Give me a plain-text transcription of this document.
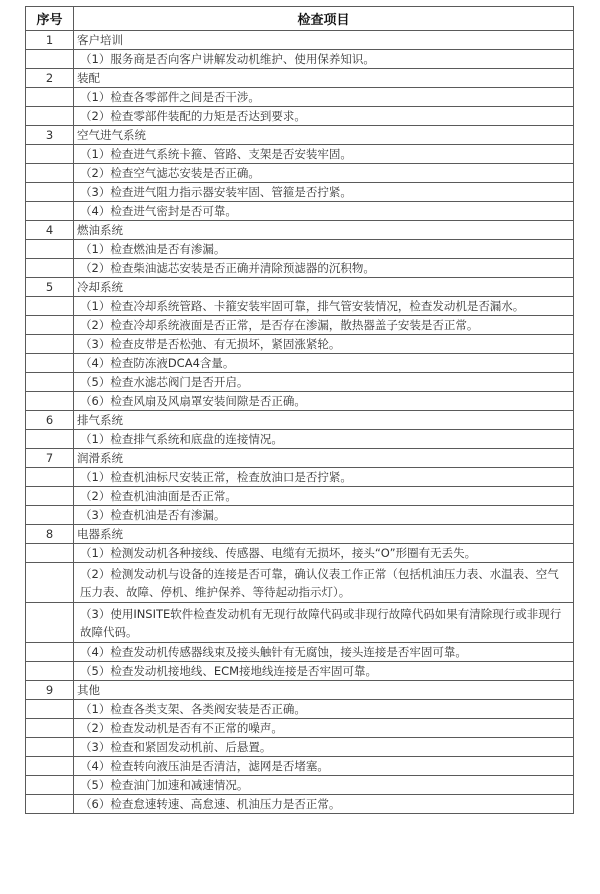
序号	检查项目
1	客户培训
	（1）服务商是否向客户讲解发动机维护、使用保养知识。
2	装配
	（1）检查各零部件之间是否干涉。
	（2）检查零部件装配的力矩是否达到要求。
3	空气进气系统
	（1）检查进气系统卡箍、管路、支架是否安装牢固。
	（2）检查空气滤芯安装是否正确。
	（3）检查进气阻力指示器安装牢固、管箍是否拧紧。
	（4）检查进气密封是否可靠。
4	燃油系统
	（1）检查燃油是否有渗漏。
	（2）检查柴油滤芯安装是否正确并清除预滤器的沉积物。
5	冷却系统
	（1）检查冷却系统管路、卡箍安装牢固可靠，排气管安装情况，检查发动机是否漏水。
	（2）检查冷却系统液面是否正常，是否存在渗漏，散热器盖子安装是否正常。
	（3）检查皮带是否松弛、有无损坏，紧固涨紧轮。
	（4）检查防冻液DCA4含量。
	（5）检查水滤芯阀门是否开启。
	（6）检查风扇及风扇罩安装间隙是否正确。
6	排气系统
	（1）检查排气系统和底盘的连接情况。
7	润滑系统
	（1）检查机油标尺安装正常，检查放油口是否拧紧。
	（2）检查机油油面是否正常。
	（3）检查机油是否有渗漏。
8	电器系统
	（1）检测发动机各种接线、传感器、电缆有无损坏，接头“O”形圈有无丢失。
	（2）检测发动机与设备的连接是否可靠，确认仪表工作正常（包括机油压力表、水温表、空气压力表、故障、停机、维护保养、等待起动指示灯）。
	（3）使用INSITE软件检查发动机有无现行故障代码或非现行故障代码如果有清除现行或非现行故障代码。
	（4）检查发动机传感器线束及接头触针有无腐蚀，接头连接是否牢固可靠。
	（5）检查发动机接地线、ECM接地线连接是否牢固可靠。
9	其他
	（1）检查各类支架、各类阀安装是否正确。
	（2）检查发动机是否有不正常的噪声。
	（3）检查和紧固发动机前、后悬置。
	（4）检查转向液压油是否清洁，滤网是否堵塞。
	（5）检查油门加速和减速情况。
	（6）检查怠速转速、高怠速、机油压力是否正常。
